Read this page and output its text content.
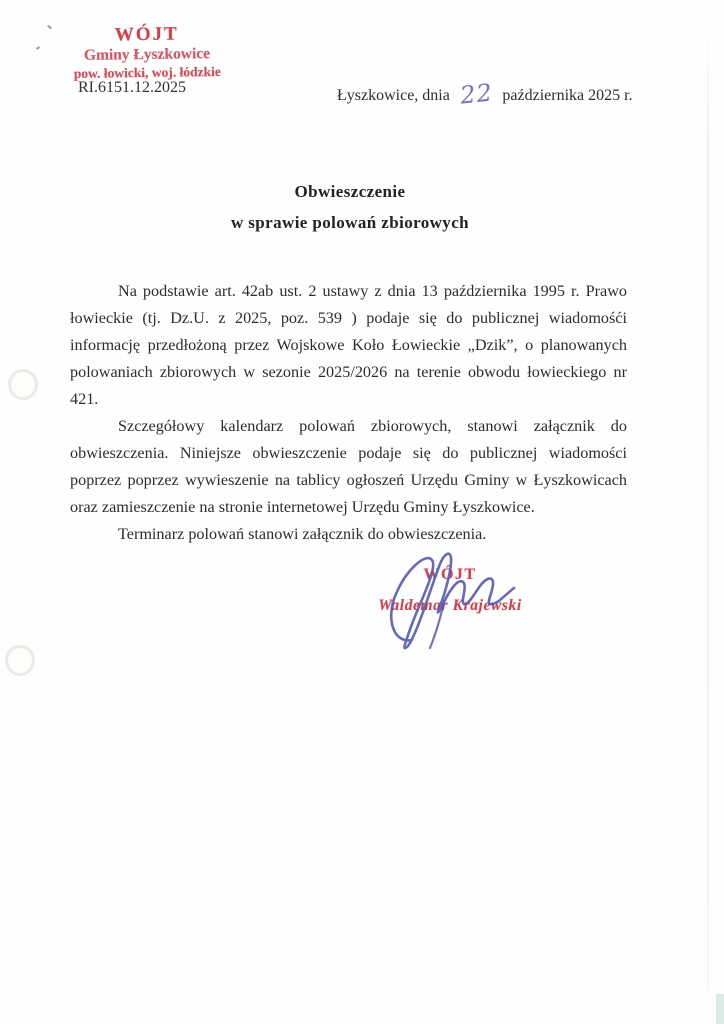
WÓJT
Gminy Łyszkowice
pow. łowicki, woj. łódzkie
RI.6151.12.2025	Łyszkowice, dnia 22 października 2025 r.
Obwieszczenie
w sprawie polowań zbiorowych

Na podstawie art. 42ab ust. 2 ustawy z dnia 13 października 1995 r. Prawo łowieckie (tj. Dz.U. z 2025, poz. 539 ) podaje się do publicznej wiadomośći informację przedłożoną przez Wojskowe Koło Łowieckie „Dzik”, o planowanych polowaniach zbiorowych w sezonie 2025/2026 na terenie obwodu łowieckiego nr 421.

Szczegółowy kalendarz polowań zbiorowych, stanowi załącznik do obwieszczenia. Niniejsze obwieszczenie podaje się do publicznej wiadomości poprzez poprzez wywieszenie na tablicy ogłoszeń Urzędu Gminy w Łyszkowicach oraz zamieszczenie na stronie internetowej Urzędu Gminy Łyszkowice.

Terminarz polowań stanowi załącznik do obwieszczenia.

WÓJT
Waldemar Krajewski
